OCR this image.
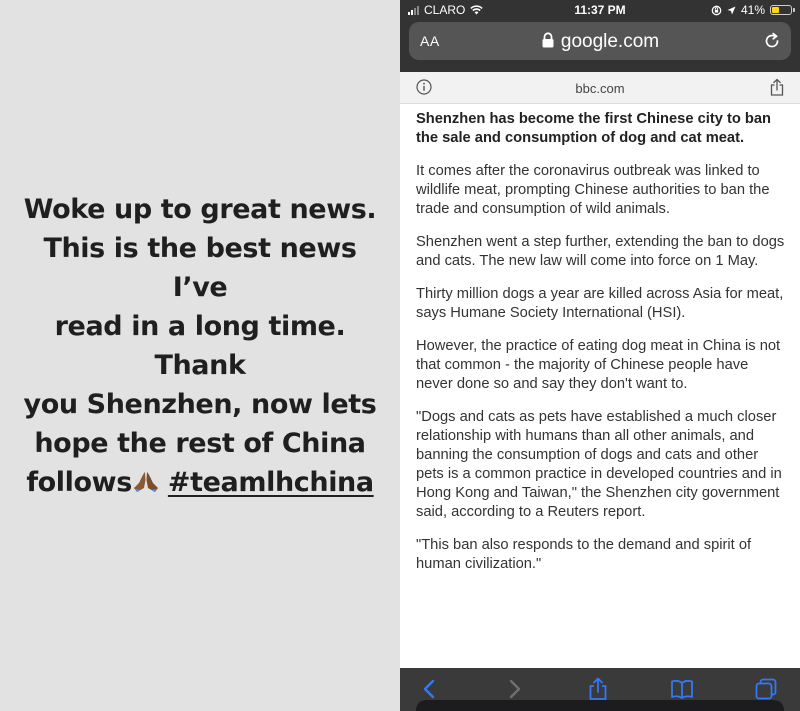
Woke up to great news.

This is the best news I’ve

read in a long time. Thank

you Shenzhen, now lets

hope the rest of China

follows #teamlhchina

CLARO	11:37 PM	41%
AA	google.com
bbc.com

Shenzhen has become the first Chinese city to ban the sale and consumption of dog and cat meat.

It comes after the coronavirus outbreak was linked to wildlife meat, prompting Chinese authorities to ban the trade and consumption of wild animals.

Shenzhen went a step further, extending the ban to dogs and cats. The new law will come into force on 1 May.

Thirty million dogs a year are killed across Asia for meat, says Humane Society International (HSI).

However, the practice of eating dog meat in China is not that common - the majority of Chinese people have never done so and say they don't want to.

"Dogs and cats as pets have established a much closer relationship with humans than all other animals, and banning the consumption of dogs and cats and other pets is a common practice in developed countries and in Hong Kong and Taiwan," the Shenzhen city government said, according to a Reuters report.

"This ban also responds to the demand and spirit of human civilization."
